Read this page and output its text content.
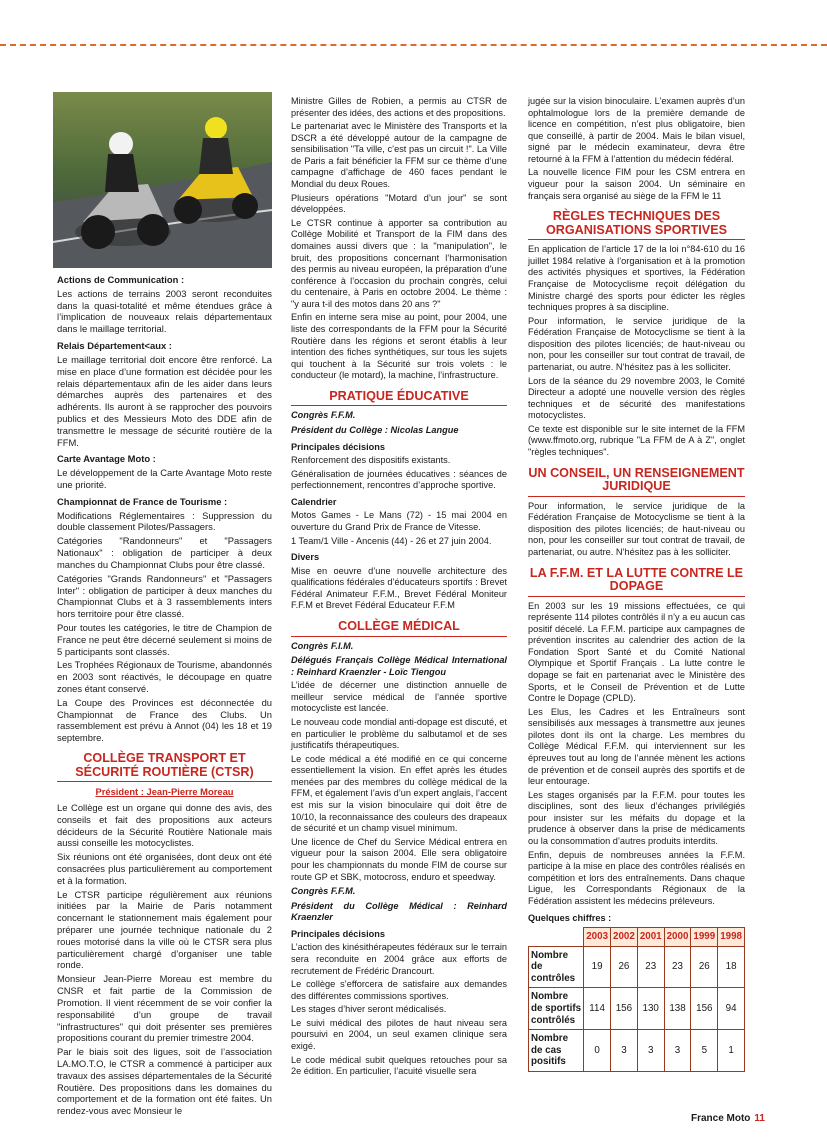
Actions de Communication :

Les actions de terrains 2003 seront reconduites dans la quasi-totalité et même étendues grâce à l’implication de nouveaux relais départementaux dans le maillage territorial.

Relais Département<aux :

Le maillage territorial doit encore être renforcé. La mise en place d’une formation est décidée pour les relais départementaux afin de les aider dans leurs démarches auprès des partenaires et des adhérents. Ils auront à se rapprocher des pouvoirs publics et des Messieurs Moto des DDE afin de transmettre le message de sécurité routière de la FFM.

Carte Avantage Moto :

Le développement de la Carte Avantage Moto reste une priorité.

Championnat de France de Tourisme :

Modifications Réglementaires : Suppression du double classement Pilotes/Passagers.

Catégories "Randonneurs" et "Passagers Nationaux" : obligation de participer à deux manches du Championnat Clubs pour être classé.

Catégories "Grands Randonneurs" et "Passagers Inter" : obligation de participer à deux manches du Championnat Clubs et à 3 rassemblements inters hors territoire pour être classé.

Pour toutes les catégories, le titre de Champion de France ne peut être décerné seulement si moins de 5 participants sont classés.

Les Trophées Régionaux de Tourisme, abandonnés en 2003 sont réactivés, le découpage en quatre zones étant conservé.

La Coupe des Provinces est déconnectée du Championnat de France des Clubs. Un rassemblement est prévu à Annot (04) les 18 et 19 septembre.

COLLÈGE TRANSPORT ET SÉCURITÉ ROUTIÈRE (CTSR)
Président : Jean-Pierre Moreau

Le Collège est un organe qui donne des avis, des conseils et fait des propositions aux acteurs décideurs de la Sécurité Routière Nationale mais aussi conseille les motocyclistes.

Six réunions ont été organisées, dont deux ont été consacrées plus particulièrement au comportement et à la formation.

Le CTSR participe régulièrement aux réunions initiées par la Mairie de Paris notamment concernant le stationnement mais également pour préparer une journée technique nationale du 2 roues motorisé dans la ville où le CTSR sera plus particulièrement chargé d’organiser une table ronde.

Monsieur Jean-Pierre Moreau est membre du CNSR et fait partie de la Commission de Promotion. Il vient récemment de se voir confier la responsabilité d’un groupe de travail "infrastructures" qui doit présenter ses premières propositions courant du premier trimestre 2004.

Par le biais soit des ligues, soit de l’association LA.MO.T.O, le CTSR a commencé à participer aux travaux des assises départementales de la Sécurité Routière. Des propositions dans les domaines du comportement et de la formation ont été faites. Un rendez-vous avec Monsieur le

Ministre Gilles de Robien, a permis au CTSR de présenter des idées, des actions et des propositions.

Le partenariat avec le Ministère des Transports et la DSCR a été développé autour de la campagne de sensibilisation "Ta ville, c’est pas un circuit !". La Ville de Paris a fait bénéficier la FFM sur ce thème d’une campagne d’affichage de 460 faces pendant le Mondial du deux Roues.

Plusieurs opérations "Motard d’un jour" se sont développées.

Le CTSR continue à apporter sa contribution au Collège Mobilité et Transport de la FIM dans des domaines aussi divers que : la "manipulation", le bruit, des propositions concernant l’harmonisation des permis au niveau européen, la préparation d’une conférence à l’occasion du prochain congrès, celui du centenaire, à Paris en octobre 2004. Le thème : "y aura t-il des motos dans 20 ans ?"

Enfin en interne sera mise au point, pour 2004, une liste des correspondants de la FFM pour la Sécurité Routière dans les régions et seront établis à leur intention des fiches synthétiques, sur tous les sujets qui touchent à la Sécurité sur trois volets : le conducteur (le motard), la machine, l’infrastructure.

PRATIQUE ÉDUCATIVE

Congrès F.F.M.

Président du Collège : Nicolas Langue

Principales décisions

Renforcement des dispositifs existants.

Généralisation de journées éducatives : séances de perfectionnement, rencontres d’approche sportive.

Calendrier

Motos Games - Le Mans (72) - 15 mai 2004 en ouverture du Grand Prix de France de Vitesse.

1 Team/1 Ville - Ancenis (44) - 26 et 27 juin 2004.

Divers

Mise en oeuvre d’une nouvelle architecture des qualifications fédérales d’éducateurs sportifs : Brevet Fédéral Animateur F.F.M., Brevet Fédéral Moniteur F.F.M et Brevet Fédéral Educateur F.F.M

COLLÈGE MÉDICAL

Congrès F.I.M.

Délégués Français Collège Médical International : Reinhard Kraenzler - Loïc Tiengou

L’idée de décerner une distinction annuelle de meilleur service médical de l’année sportive motocycliste est lancée.

Le nouveau code mondial anti-dopage est discuté, et en particulier le problème du salbutamol et de ses justificatifs thérapeutiques.

Le code médical a été modifié en ce qui concerne essentiellement la vision. En effet après les études menées par des membres du collège médical de la FFM, et également l’avis d’un expert anglais, l’accent est mis sur la vision binoculaire qui doit être de 10/10, la reconnaissance des couleurs des drapeaux de sécurité et un champ visuel minimum.

Une licence de Chef du Service Médical entrera en vigueur pour la saison 2004. Elle sera obligatoire pour les championnats du monde FIM de course sur route GP et SBK, motocross, enduro et speedway.

Congrès F.F.M.

Président du Collège Médical : Reinhard Kraenzler

Principales décisions

L’action des kinésithérapeutes fédéraux sur le terrain sera reconduite en 2004 grâce aux efforts de recrutement de Frédéric Drancourt.

Le collège s’efforcera de satisfaire aux demandes des différentes commissions sportives.

Les stages d’hiver seront médicalisés.

Le suivi médical des pilotes de haut niveau sera poursuivi en 2004, un seul examen clinique sera exigé.

Le code médical subit quelques retouches pour sa 2e édition. En particulier, l’acuité visuelle sera

jugée sur la vision binoculaire. L’examen auprès d’un ophtalmologue lors de la première demande de licence en compétition, n’est plus obligatoire, bien que conseillé, à partir de 2004. Mais le bilan visuel, signé par le médecin examinateur, devra être retourné à la FFM à l’attention du médecin fédéral.

La nouvelle licence FIM pour les CSM entrera en vigueur pour la saison 2004. Un séminaire en français sera organisé au siège de la FFM le 11

RÈGLES TECHNIQUES DES ORGANISATIONS SPORTIVES

En application de l’article 17 de la loi n°84-610 du 16 juillet 1984 relative à l’organisation et à la promotion des activités physiques et sportives, la Fédération Française de Motocyclisme reçoit délégation du Ministre chargé des sports pour édicter les règles techniques propres à sa discipline.

Pour information, le service juridique de la Fédération Française de Motocyclisme se tient à la disposition des pilotes licenciés; de haut-niveau ou non, pour les conseiller sur tout contrat de travail, de partenariat, ou autre. N’hésitez pas à les solliciter.

Lors de la séance du 29 novembre 2003, le Comité Directeur a adopté une nouvelle version des règles techniques et de sécurité des manifestations motocyclistes.

Ce texte est disponible sur le site internet de la FFM (www.ffmoto.org, rubrique "La FFM de A à Z", onglet "règles techniques".

UN CONSEIL, UN RENSEIGNEMENT JURIDIQUE

Pour information, le service juridique de la Fédération Française de Motocyclisme se tient à la disposition des pilotes licenciés; de haut-niveau ou non, pour les conseiller sur tout contrat de travail, de partenariat, ou autre. N’hésitez pas à les solliciter.

LA F.F.M. ET LA LUTTE CONTRE LE DOPAGE

En 2003 sur les 19 missions effectuées, ce qui représente 114 pilotes contrôlés il n’y a eu aucun cas positif décelé. La F.F.M. participe aux campagnes de prévention inscrites au calendrier des action de la Fondation Sport Santé et du Comité National Olympique et Sportif Français . La lutte contre le dopage se fait en partenariat avec le Ministère des Sports, et le Conseil de Prévention et de Lutte Contre le Dopage (CPLD).

Les Elus, les Cadres et les Entraîneurs sont sensibilisés aux messages à transmettre aux jeunes pilotes dont ils ont la charge. Les membres du Collège Médical F.F.M. qui interviennent sur les épreuves tout au long de l’année mènent les actions de prévention et de conseil auprès des sportifs et de leur entourage.

Les stages organisés par la F.F.M. pour toutes les disciplines, sont des lieux d’échanges privilégiés pour insister sur les méfaits du dopage et la prudence à observer dans la prise de médicaments ou la consommation d’autres produits interdits.

Enfin, depuis de nombreuses années la F.F.M. participe à la mise en place des contrôles réalisés en compétition et lors des entraînements. Dans chaque Ligue, les Correspondants Régionaux de la Fédération assistent les médecins préleveurs.

Quelques chiffres :

	2003	2002	2001	2000	1999	1998
Nombre de contrôles	19	26	23	23	26	18
Nombre de sportifs contrôlés	114	156	130	138	156	94
Nombre de cas positifs	0	3	3	3	5	1
France Moto 11
